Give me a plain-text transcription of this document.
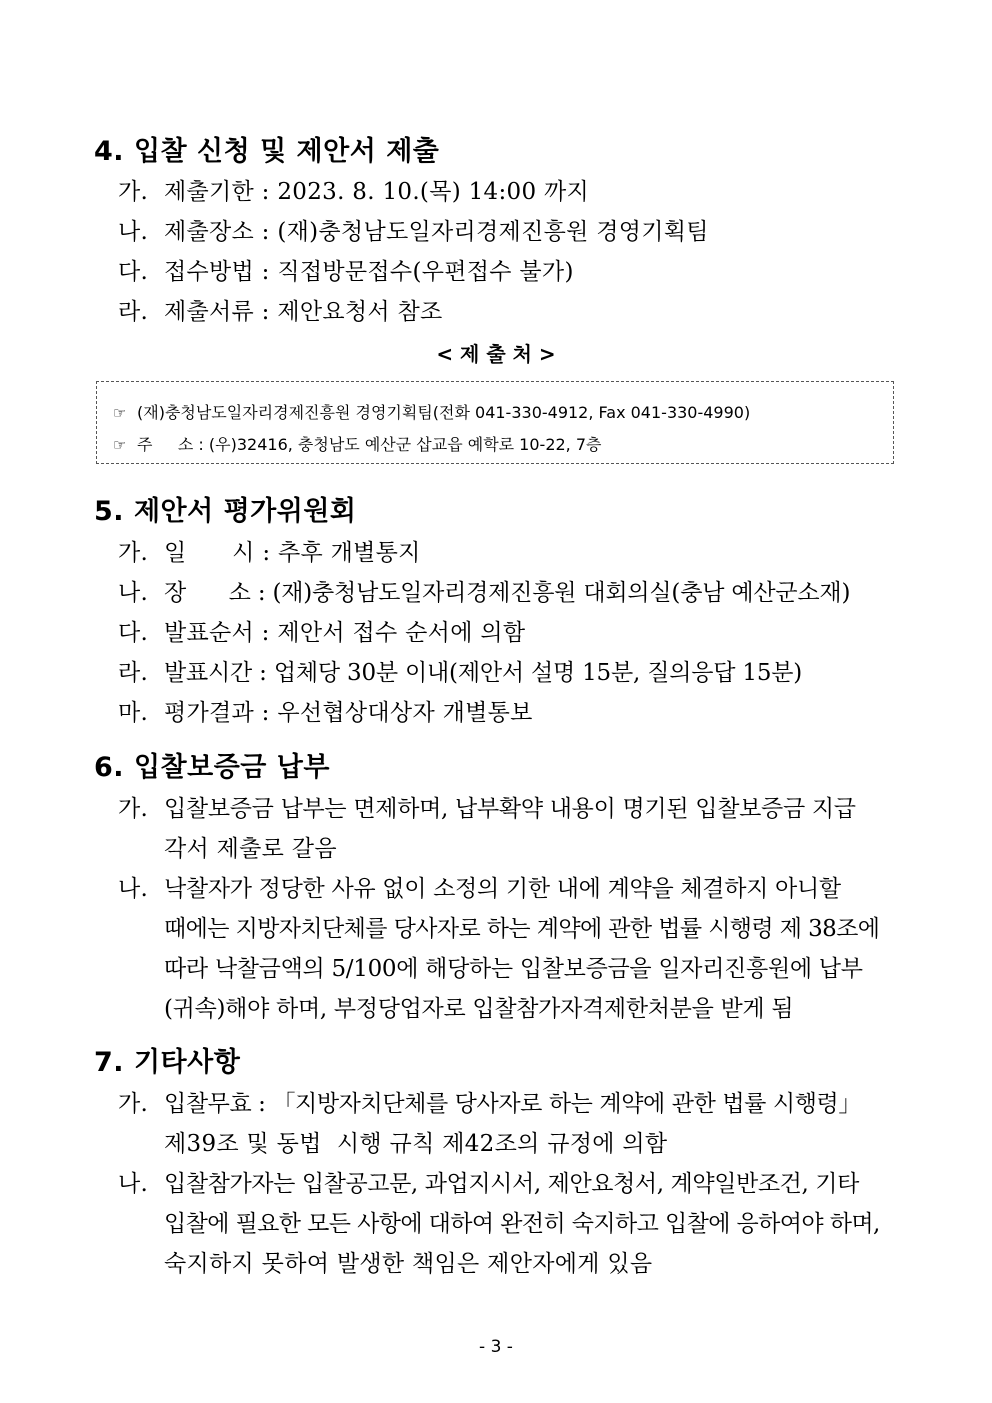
4. 입찰 신청 및 제안서 제출
가. 제출기한 : 2023. 8. 10.(목) 14:00 까지
나. 제출장소 : (재)충청남도일자리경제진흥원 경영기획팀
다. 접수방법 : 직접방문접수(우편접수 불가)
라. 제출서류 : 제안요청서 참조
< 제 출 처 >
☞ (재)충청남도일자리경제진흥원 경영기획팀(전화 041-330-4912, Fax 041-330-4990)
☞ 주     소 : (우)32416, 충청남도 예산군 삽교읍 예학로 10-22, 7층
5. 제안서 평가위원회
가. 일      시 : 추후 개별통지
나. 장      소 : (재)충청남도일자리경제진흥원 대회의실(충남 예산군소재)
다. 발표순서 : 제안서 접수 순서에 의함
라. 발표시간 : 업체당 30분 이내(제안서 설명 15분, 질의응답 15분)
마. 평가결과 : 우선협상대상자 개별통보
6. 입찰보증금 납부
가. 입찰보증금 납부는 면제하며, 납부확약 내용이 명기된 입찰보증금 지급
각서 제출로 갈음
나. 낙찰자가 정당한 사유 없이 소정의 기한 내에 계약을 체결하지 아니할
때에는 지방자치단체를 당사자로 하는 계약에 관한 법률 시행령 제 38조에
따라 낙찰금액의 5/100에 해당하는 입찰보증금을 일자리진흥원에 납부
(귀속)해야 하며, 부정당업자로 입찰참가자격제한처분을 받게 됨
7. 기타사항
가. 입찰무효 : 「지방자치단체를 당사자로 하는 계약에 관한 법률 시행령」
제39조 및 동법  시행 규칙 제42조의 규정에 의함
나. 입찰참가자는 입찰공고문, 과업지시서, 제안요청서, 계약일반조건, 기타
입찰에 필요한 모든 사항에 대하여 완전히 숙지하고 입찰에 응하여야 하며,
숙지하지 못하여 발생한 책임은 제안자에게 있음
- 3 -
